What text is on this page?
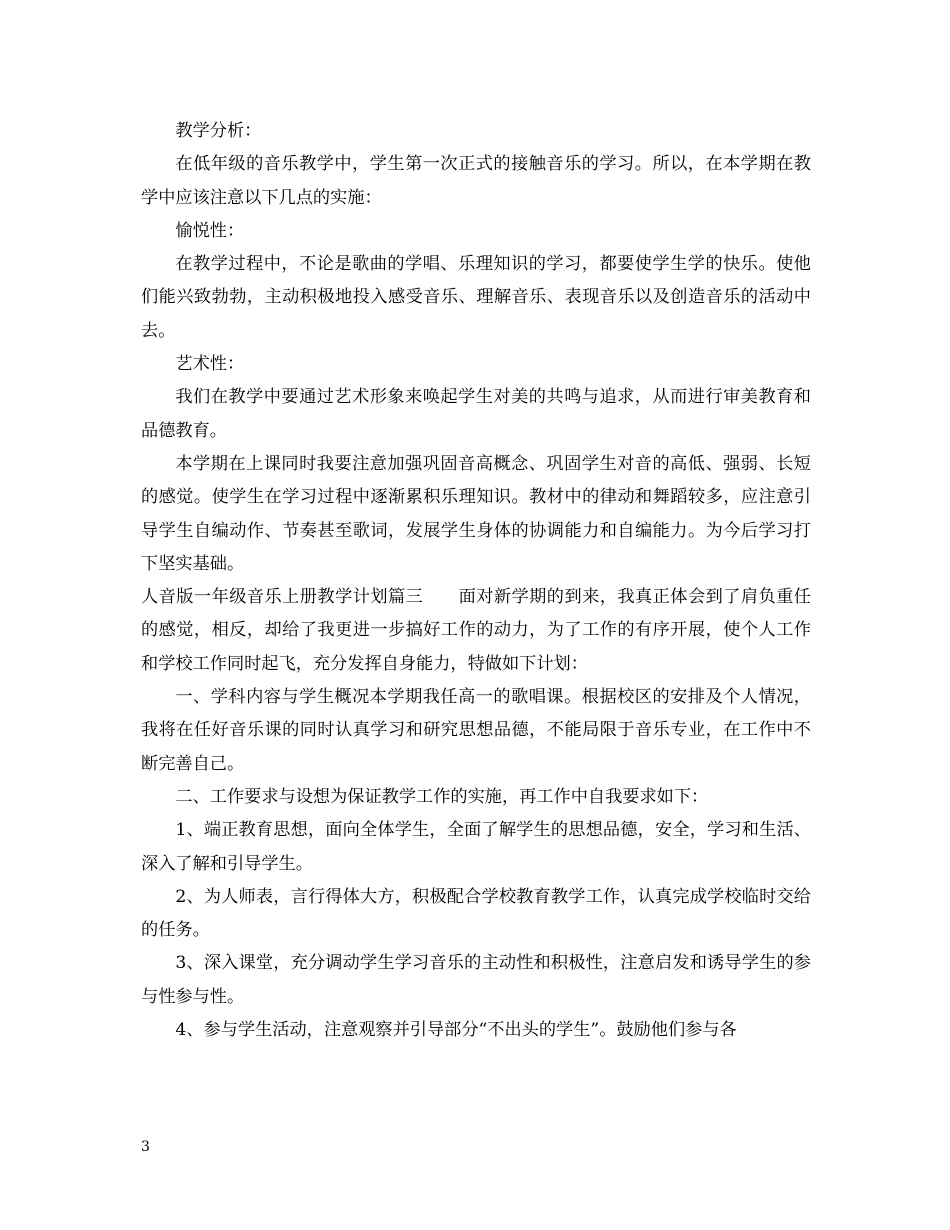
教学分析：

在低年级的音乐教学中，学生第一次正式的接触音乐的学习。所以，在本学期在教学中应该注意以下几点的实施：

愉悦性：

在教学过程中，不论是歌曲的学唱、乐理知识的学习，都要使学生学的快乐。使他们能兴致勃勃，主动积极地投入感受音乐、理解音乐、表现音乐以及创造音乐的活动中去。

艺术性：

我们在教学中要通过艺术形象来唤起学生对美的共鸣与追求，从而进行审美教育和品德教育。

本学期在上课同时我要注意加强巩固音高概念、巩固学生对音的高低、强弱、长短的感觉。使学生在学习过程中逐渐累积乐理知识。教材中的律动和舞蹈较多，应注意引导学生自编动作、节奏甚至歌词，发展学生身体的协调能力和自编能力。为今后学习打下坚实基础。

人音版一年级音乐上册教学计划篇三　　面对新学期的到来，我真正体会到了肩负重任的感觉，相反，却给了我更进一步搞好工作的动力，为了工作的有序开展，使个人工作和学校工作同时起飞，充分发挥自身能力，特做如下计划：

一、学科内容与学生概况本学期我任高一的歌唱课。根据校区的安排及个人情况，我将在任好音乐课的同时认真学习和研究思想品德，不能局限于音乐专业，在工作中不断完善自己。

二、工作要求与设想为保证教学工作的实施，再工作中自我要求如下：

1、端正教育思想，面向全体学生，全面了解学生的思想品德，安全，学习和生活、深入了解和引导学生。

2、为人师表，言行得体大方，积极配合学校教育教学工作，认真完成学校临时交给的任务。

3、深入课堂，充分调动学生学习音乐的主动性和积极性，注意启发和诱导学生的参与性参与性。

4、参与学生活动，注意观察并引导部分“不出头的学生”。鼓励他们参与各

3
